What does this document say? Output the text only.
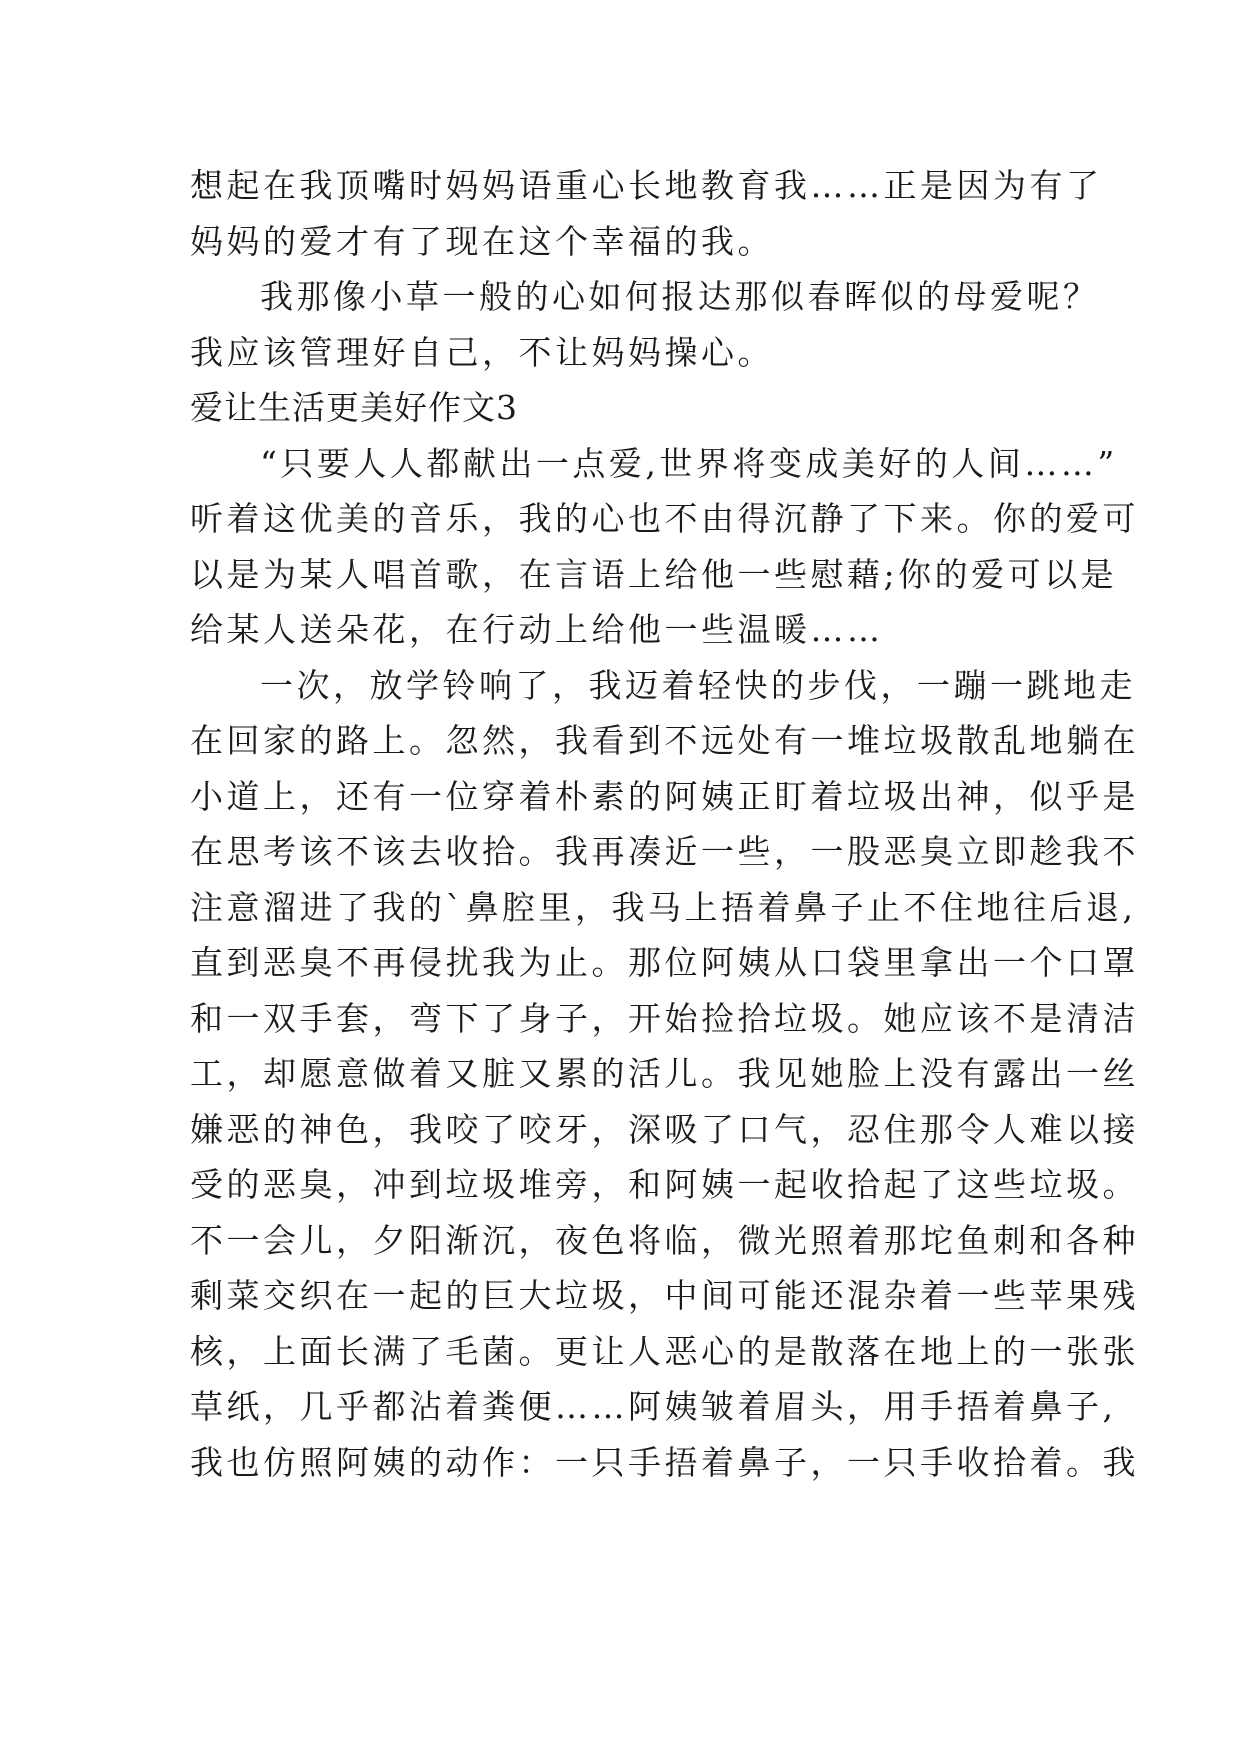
想起在我顶嘴时妈妈语重心长地教育我……正是因为有了
妈妈的爱才有了现在这个幸福的我。
我那像小草一般的心如何报达那似春晖似的母爱呢？
我应该管理好自己，不让妈妈操心。
爱让生活更美好作文3
“只要人人都献出一点爱,世界将变成美好的人间……”
听着这优美的音乐，我的心也不由得沉静了下来。你的爱可
以是为某人唱首歌，在言语上给他一些慰藉;你的爱可以是
给某人送朵花，在行动上给他一些温暖……
一次，放学铃响了，我迈着轻快的步伐，一蹦一跳地走
在回家的路上。忽然，我看到不远处有一堆垃圾散乱地躺在
小道上，还有一位穿着朴素的阿姨正盯着垃圾出神，似乎是
在思考该不该去收拾。我再凑近一些，一股恶臭立即趁我不
注意溜进了我的`鼻腔里，我马上捂着鼻子止不住地往后退,
直到恶臭不再侵扰我为止。那位阿姨从口袋里拿出一个口罩
和一双手套，弯下了身子，开始捡拾垃圾。她应该不是清洁
工，却愿意做着又脏又累的活儿。我见她脸上没有露出一丝
嫌恶的神色，我咬了咬牙，深吸了口气，忍住那令人难以接
受的恶臭，冲到垃圾堆旁，和阿姨一起收拾起了这些垃圾。
不一会儿，夕阳渐沉，夜色将临，微光照着那坨鱼刺和各种
剩菜交织在一起的巨大垃圾，中间可能还混杂着一些苹果残
核，上面长满了毛菌。更让人恶心的是散落在地上的一张张
草纸，几乎都沾着粪便……阿姨皱着眉头，用手捂着鼻子,
我也仿照阿姨的动作：一只手捂着鼻子，一只手收拾着。我
